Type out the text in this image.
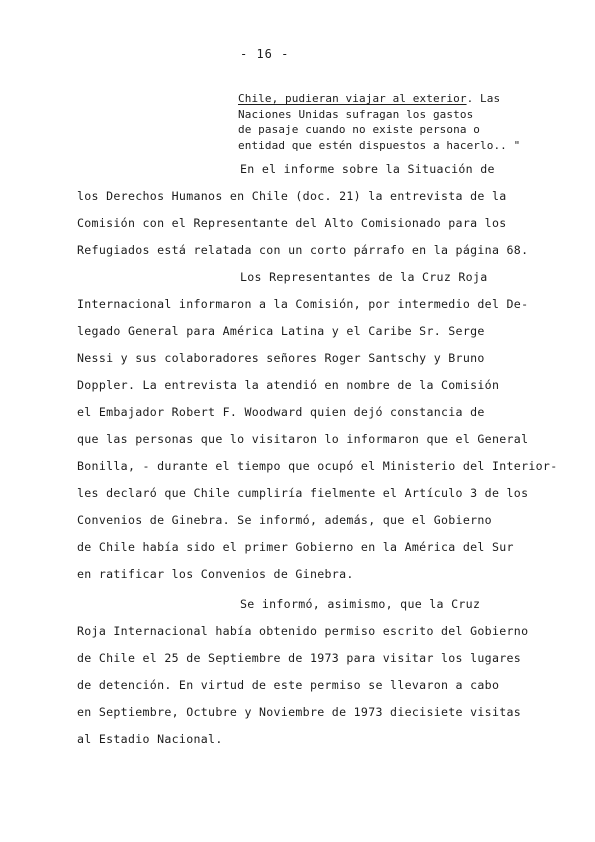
- 16 -
Chile, pudieran viajar al exterior. Las
Naciones Unidas sufragan los gastos
de pasaje cuando no existe persona o
entidad que estén dispuestos a hacerlo.. "
En el informe sobre la Situación de
los Derechos Humanos en Chile (doc. 21) la entrevista de la
Comisión con el Representante del Alto Comisionado para los
Refugiados está relatada con un corto párrafo en la página 68.
Los Representantes de la Cruz Roja
Internacional informaron a la Comisión, por intermedio del De-
legado General para América Latina y el Caribe Sr. Serge
Nessi y sus colaboradores señores Roger Santschy y Bruno
Doppler. La entrevista la atendió en nombre de la Comisión
el Embajador Robert F. Woodward quien dejó constancia de
que las personas que lo visitaron lo informaron que el General
Bonilla, - durante el tiempo que ocupó el Ministerio del Interior-
les declaró que Chile cumpliría fielmente el Artículo 3 de los
Convenios de Ginebra. Se informó, además, que el Gobierno
de Chile había sido el primer Gobierno en la América del Sur
en ratificar los Convenios de Ginebra.
Se informó, asimismo, que la Cruz
Roja Internacional había obtenido permiso escrito del Gobierno
de Chile el 25 de Septiembre de 1973 para visitar los lugares
de detención. En virtud de este permiso se llevaron a cabo
en Septiembre, Octubre y Noviembre de 1973 diecisiete visitas
al Estadio Nacional.
